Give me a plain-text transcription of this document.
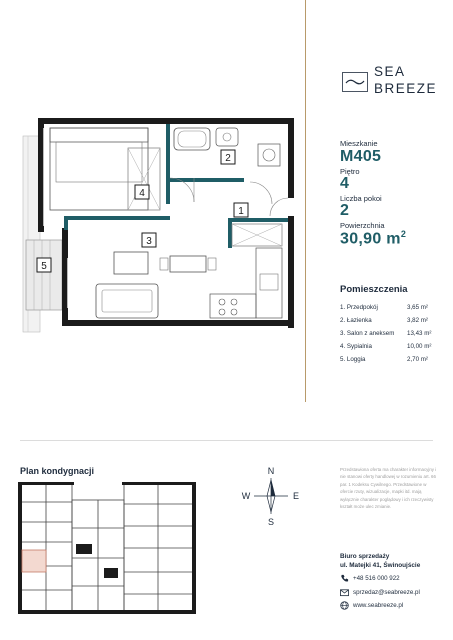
1
2
3
4
5
SEA
BREEZE
Mieszkanie
M405
Piętro
4
Liczba pokoi
2
Powierzchnia
30,90 $m^2$
Pomieszczenia
1. Przedpokój	3,65 m²
2. Łazienka	3,82 m²
3. Salon z aneksem 13,43 m²
4. Sypialnia	10,00 m²
5. Loggia	2,70 m²
Plan kondygnacji	N
S
W	E
Przedstawiona oferta ma charakter informacyjny i nie stanowi oferty handlowej w rozumieniu art. 66 par. 1 Kodeksu Cywilnego. Przedstawione w ofercie rzuty, wizualizacje, mapki itd. mają wyłącznie charakter poglądowy i ich rzeczywisty kształt może ulec zmianie.
Biuro sprzedaży
ul. Matejki 41, Świnoujście
+48 516 000 922
sprzedaz@seabreeze.pl
www.seabreeze.pl
